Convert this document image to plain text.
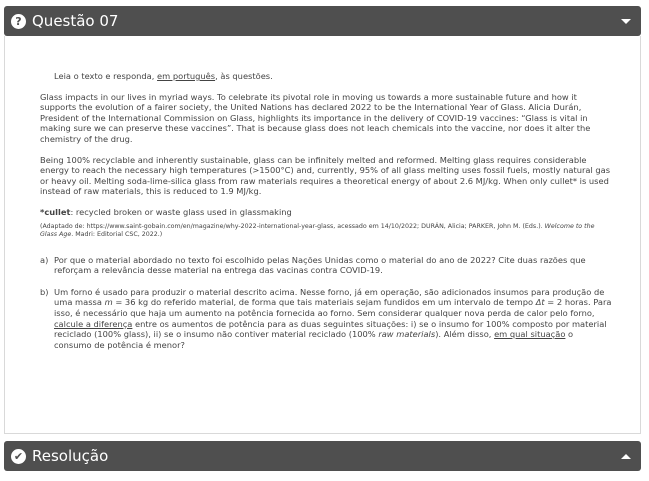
? Questão 07

Leia o texto e responda, em português, às questões.

Glass impacts in our lives in myriad ways. To celebrate its pivotal role in moving us towards a more sustainable future and how it supports the evolution of a fairer society, the United Nations has declared 2022 to be the International Year of Glass. Alicia Durán, President of the International Commission on Glass, highlights its importance in the delivery of COVID-19 vaccines: “Glass is vital in making sure we can preserve these vaccines”. That is because glass does not leach chemicals into the vaccine, nor does it alter the chemistry of the drug.

Being 100% recyclable and inherently sustainable, glass can be infinitely melted and reformed. Melting glass requires considerable energy to reach the necessary high temperatures (>1500°C) and, currently, 95% of all glass melting uses fossil fuels, mostly natural gas or heavy oil. Melting soda-lime-silica glass from raw materials requires a theoretical energy of about 2.6 MJ/kg. When only cullet* is used instead of raw materials, this is reduced to 1.9 MJ/kg.

*cullet: recycled broken or waste glass used in glassmaking

(Adaptado de: https://www.saint-gobain.com/en/magazine/why-2022-international-year-glass, acessado em 14/10/2022; DURÁN, Alicia; PARKER, John M. (Eds.). Welcome to the Glass Age. Madri: Editorial CSC, 2022.)

a) Por que o material abordado no texto foi escolhido pelas Nações Unidas como o material do ano de 2022? Cite duas razões que reforçam a relevância desse material na entrega das vacinas contra COVID-19.
b) Um forno é usado para produzir o material descrito acima. Nesse forno, já em operação, são adicionados insumos para produção de uma massa m = 36 kg do referido material, de forma que tais materiais sejam fundidos em um intervalo de tempo Δt = 2 horas. Para isso, é necessário que haja um aumento na potência fornecida ao forno. Sem considerar qualquer nova perda de calor pelo forno, calcule a diferença entre os aumentos de potência para as duas seguintes situações: i) se o insumo for 100% composto por material reciclado (100% glass), ii) se o insumo não contiver material reciclado (100% raw materials). Além disso, em qual situação o consumo de potência é menor?
✔ Resolução
